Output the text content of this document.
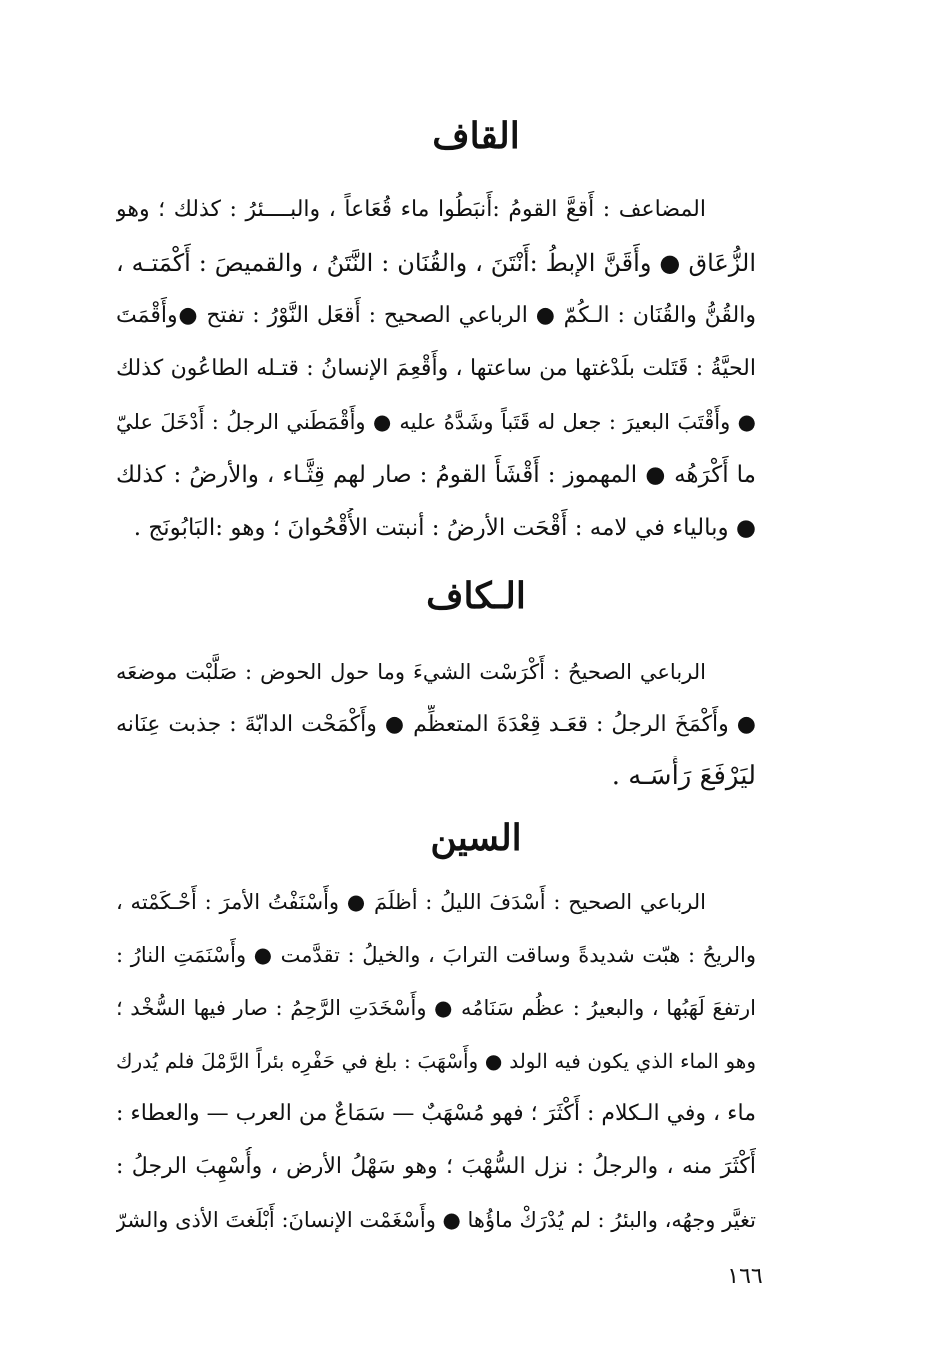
القاف

المضاعف : أَقعَّ القومُ :أَنبَطُوا ماء قُعَاعاً ، والبــــئرُ : كذلك ؛ وهو

الزُّعَاق ● وأَقَنَّ الإبطُ :أَنْتَنَ ، والقُنَان : النَّتَنُ ، والقميصَ : أَكْمَتـه ،

والقُنُّ والقُنَان : الـكُمّ ● الرباعي الصحيح : أَقعَل النَّوْرُ : تفتح ●وأَقْمَتَ

الحيَّةُ : قَتَلت بلَدْغتها من ساعتها ، وأَقْعِمَ الإنسانُ : قتـله الطاعُون كذلك

● وأَقْتَبَ البعيرَ : جعل له قَتَباً وشَدَّهُ عليه ● وأَقْمَطَني الرجلُ : أَدْخَلَ عليّ

ما أَكْرَهُه ● المهموز : أَقْشَأَ القومُ : صار لهم قِثَّـاء ، والأرضُ : كذلك

● وبالياء في لامه : أَقْحَت الأرضُ : أنبتت الأُقْحُوانَ ؛ وهو :البَابُونَج .

الـكاف

الرباعي الصحيحُ : أَكْرَسْت الشيءَ وما حول الحوض : صَلَّبْت موضعَه

● وأَكْمَخَ الرجلُ : قعَـد قِعْدَةَ المتعظِّم ● وأَكْمَحْت الدابّةَ : جذبت عِنَانه

ليَرْفَعَ رَأْسَـه .

السين

الرباعي الصحيح : أَسْدَفَ الليلُ : أظلَمَ ● وأَسْنَفْتُ الأمرَ : أَحْـكَمْته ،

والريحُ : هبّت شديدةً وساقت الترابَ ، والخيلُ : تقدَّمت ● وأَسْنَمَتِ النارُ :

ارتفعَ لَهَبُها ، والبعيرُ : عظُم سَنَامُه ● وأَسْخَدَتِ الرَّحِمُ : صار فيها السُّخْد ؛

وهو الماء الذي يكون فيه الولد ● وأَسْهَبَ : بلغ في حَفْرِه بئراً الرَّمْلَ فلم يُدرك

ماء ، وفي الـكلام : أَكْثَرَ ؛ فهو مُسْهَبٌ — سَمَاعٌ من العرب — والعطاء :

أَكْثَرَ منه ، والرجلُ : نزل السُّهْبَ ؛ وهو سَهْلُ الأرض ، وأُسْهِبَ الرجلُ :

تغيَّر وجهُه، والبئرُ : لم يُدْرَكْ ماؤُها ● وأَسْغَمْت الإنسانَ: أَبْلَغتَ الأذى والشرّ

١٦٦
